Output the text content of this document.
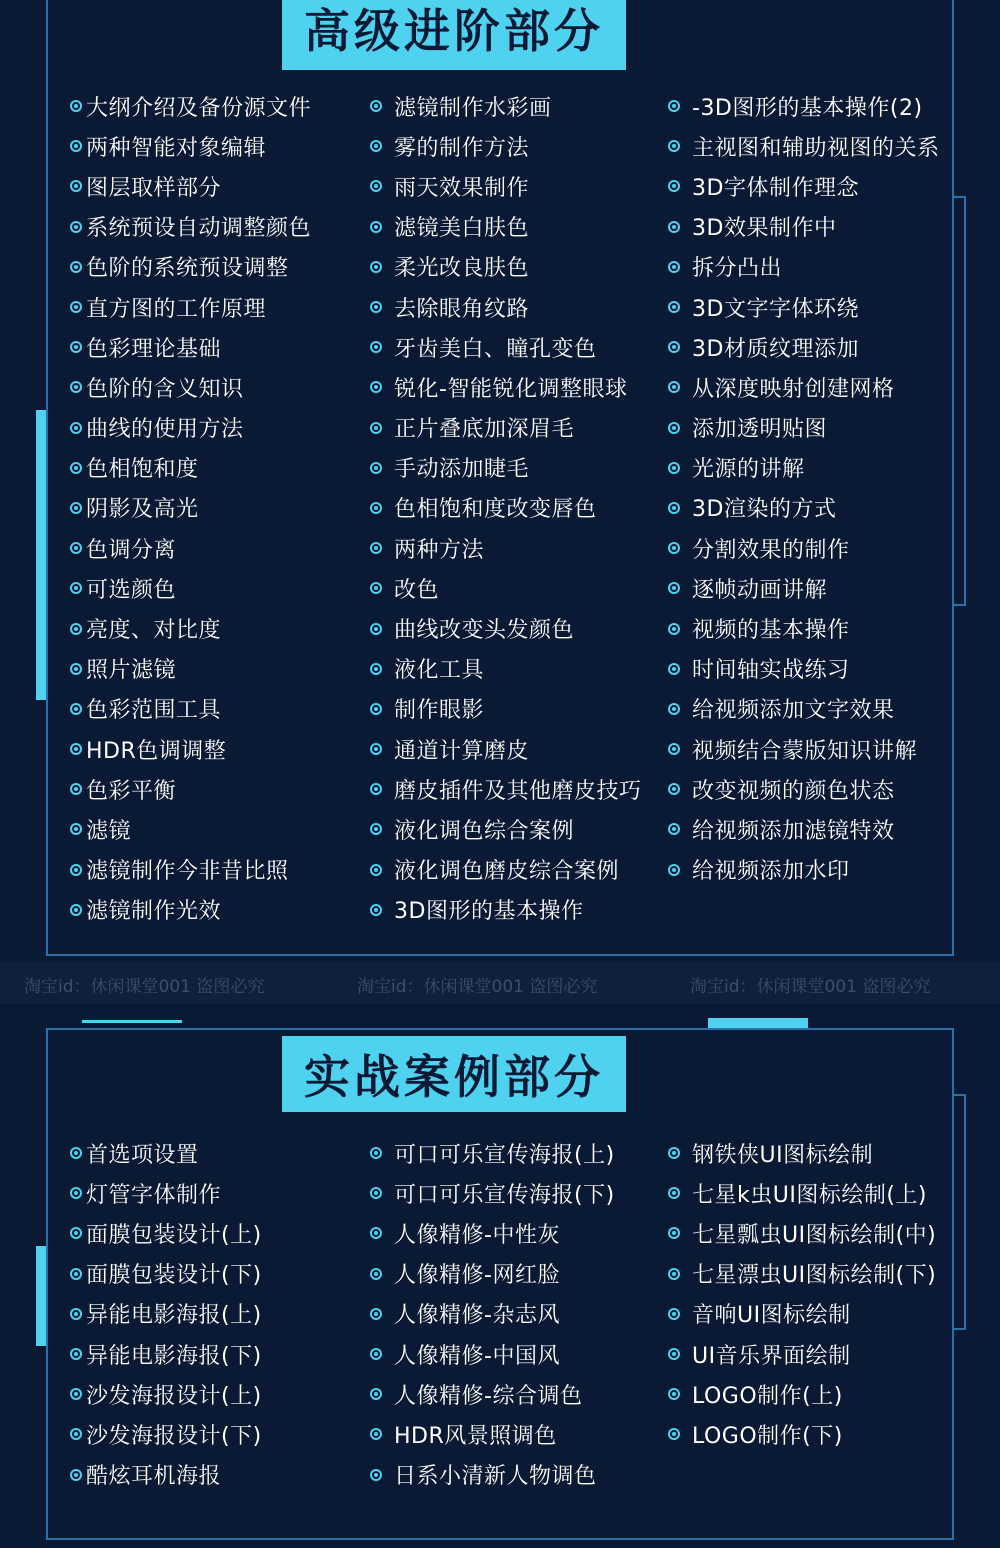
高级进阶部分
大纲介绍及备份源文件
两种智能对象编辑
图层取样部分
系统预设自动调整颜色
色阶的系统预设调整
直方图的工作原理
色彩理论基础
色阶的含义知识
曲线的使用方法
色相饱和度
阴影及高光
色调分离
可选颜色
亮度、对比度
照片滤镜
色彩范围工具
HDR色调调整
色彩平衡
滤镜
滤镜制作今非昔比照
滤镜制作光效
滤镜制作水彩画
雾的制作方法
雨天效果制作
滤镜美白肤色
柔光改良肤色
去除眼角纹路
牙齿美白、瞳孔变色
锐化-智能锐化调整眼球
正片叠底加深眉毛
手动添加睫毛
色相饱和度改变唇色
两种方法
改色
曲线改变头发颜色
液化工具
制作眼影
通道计算磨皮
磨皮插件及其他磨皮技巧
液化调色综合案例
液化调色磨皮综合案例
3D图形的基本操作
-3D图形的基本操作(2)
主视图和辅助视图的关系
3D字体制作理念
3D效果制作中
拆分凸出
3D文字字体环绕
3D材质纹理添加
从深度映射创建网格
添加透明贴图
光源的讲解
3D渲染的方式
分割效果的制作
逐帧动画讲解
视频的基本操作
时间轴实战练习
给视频添加文字效果
视频结合蒙版知识讲解
改变视频的颜色状态
给视频添加滤镜特效
给视频添加水印
淘宝id：休闲课堂001 盗图必究	淘宝id：休闲课堂001 盗图必究	淘宝id：休闲课堂001 盗图必究
实战案例部分
首选项设置
灯管字体制作
面膜包装设计(上)
面膜包装设计(下)
异能电影海报(上)
异能电影海报(下)
沙发海报设计(上)
沙发海报设计(下)
酷炫耳机海报
可口可乐宣传海报(上)
可口可乐宣传海报(下)
人像精修-中性灰
人像精修-网红脸
人像精修-杂志风
人像精修-中国风
人像精修-综合调色
HDR风景照调色
日系小清新人物调色
钢铁侠UI图标绘制
七星k虫UI图标绘制(上)
七星瓢虫UI图标绘制(中)
七星漂虫UI图标绘制(下)
音响UI图标绘制
UI音乐界面绘制
LOGO制作(上)
LOGO制作(下)
